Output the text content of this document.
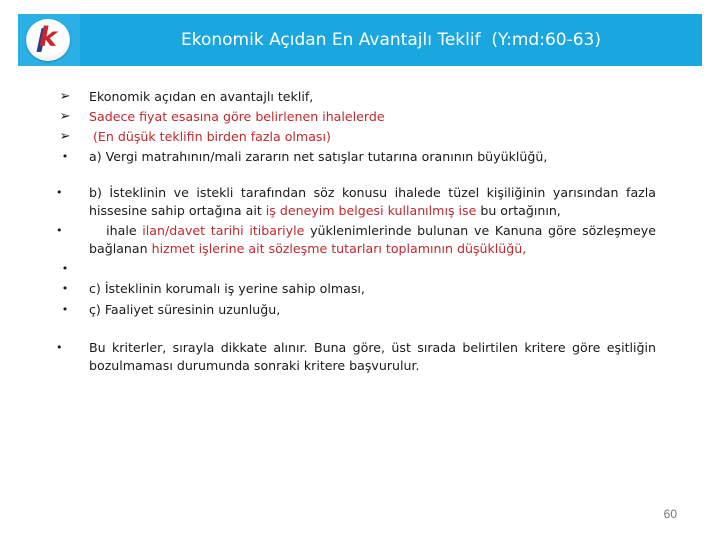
k	Ekonomik Açıdan En Avantajlı Teklif  (Y:md:60-63)
➢ Ekonomik açıdan en avantajlı teklif,
➢ Sadece fiyat esasına göre belirlenen ihalelerde
➢ (En düşük teklifin birden fazla olması)
•	a) Vergi matrahının/mali zararın net satışlar tutarına oranının büyüklüğü,
•	b) İsteklinin ve istekli tarafından söz konusu ihalede tüzel kişiliğinin yarısından fazla hissesine sahip ortağına ait iş deneyim belgesi kullanılmış ise bu ortağının,
•	ihale ilan/davet tarihi itibariyle yüklenimlerinde bulunan ve Kanuna göre sözleşmeye bağlanan hizmet işlerine ait sözleşme tutarları toplamının düşüklüğü,
•
•	c) İsteklinin korumalı iş yerine sahip olması,
•	ç) Faaliyet süresinin uzunluğu,
•	Bu kriterler, sırayla dikkate alınır. Buna göre, üst sırada belirtilen kritere göre eşitliğin bozulmaması durumunda sonraki kritere başvurulur.
60
